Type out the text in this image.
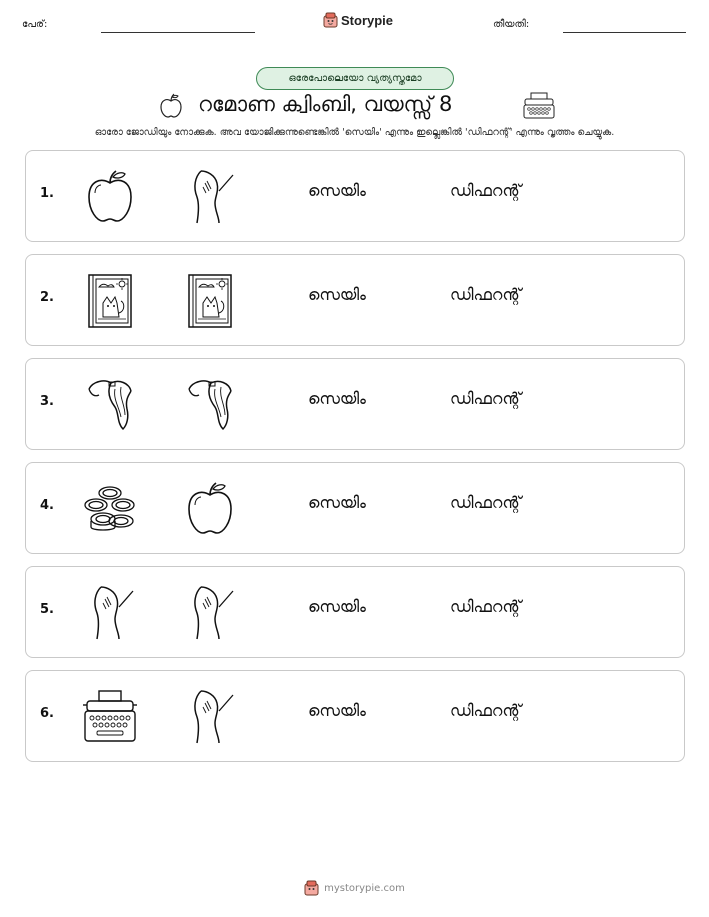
പേര്:	Storypie	തീയതി:
ഒരേപോലെയോ വ്യത്യസ്തമോ
റമോണ ക്വിംബി, വയസ്സ് 8
ഓരോ ജോഡിയും നോക്കുക. അവ യോജിക്കുന്നുണ്ടെങ്കിൽ 'സെയിം' എന്നും ഇല്ലെങ്കിൽ 'ഡിഫറന്റ്' എന്നും വൃത്തം ചെയ്യുക.
1.	സെയിം	ഡിഫറന്റ്
2.	സെയിം	ഡിഫറന്റ്
3.	സെയിം	ഡിഫറന്റ്
4.	സെയിം	ഡിഫറന്റ്
5.	സെയിം	ഡിഫറന്റ്
6.	സെയിം	ഡിഫറന്റ്
mystorypie.com
